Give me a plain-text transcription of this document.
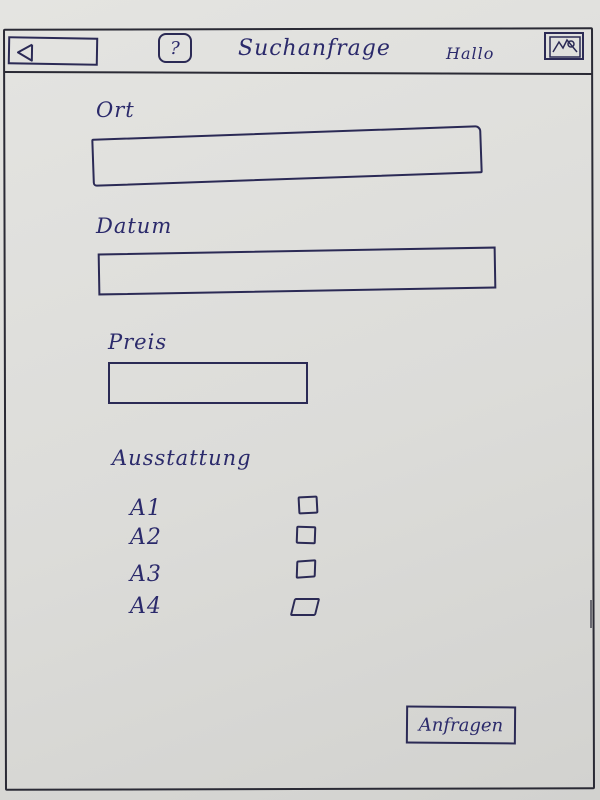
?	Suchanfrage	Hallo
Ort
Datum
Preis
Ausstattung
A1
A2
A3
A4
Anfragen
